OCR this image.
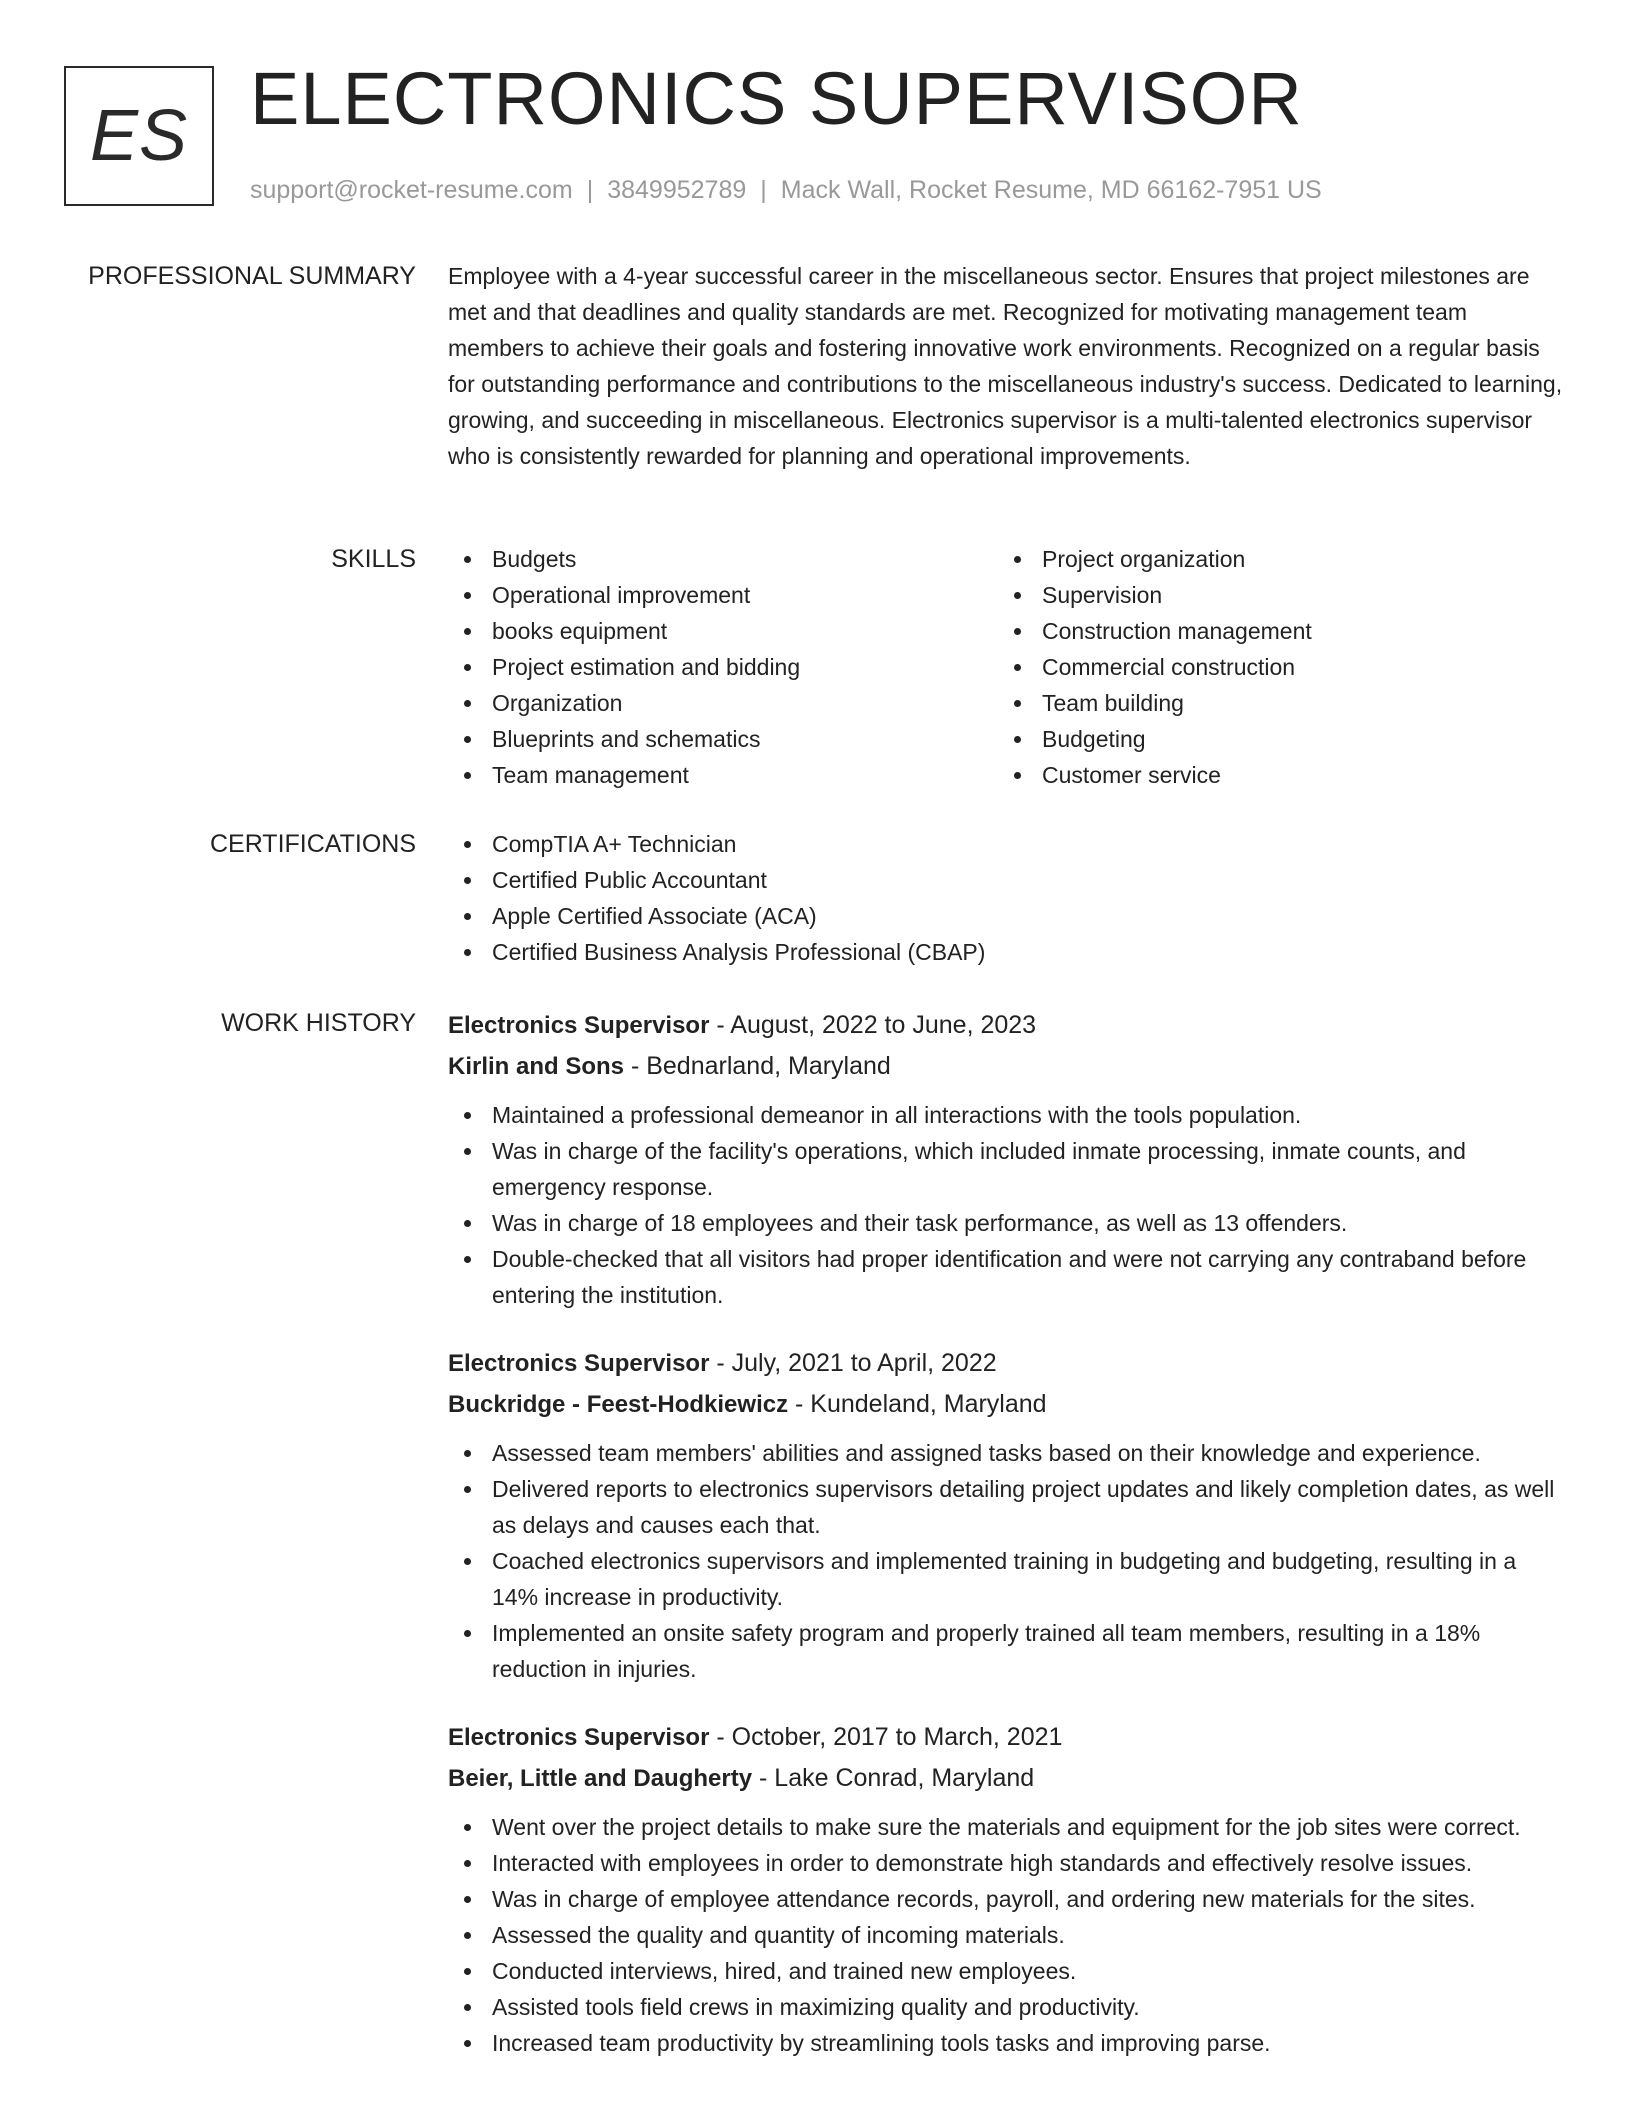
ES ELECTRONICS SUPERVISOR
support@rocket-resume.com | 3849952789 | Mack Wall, Rocket Resume, MD 66162-7951 US
PROFESSIONAL SUMMARY Employee with a 4-year successful career in the miscellaneous sector. Ensures that project milestones are met and that deadlines and quality standards are met. Recognized for motivating management team members to achieve their goals and fostering innovative work environments. Recognized on a regular basis for outstanding performance and contributions to the miscellaneous industry's success. Dedicated to learning, growing, and succeeding in miscellaneous. Electronics supervisor is a multi-talented electronics supervisor who is consistently rewarded for planning and operational improvements.

SKILLS	Budgets
Operational improvement
books equipment
Project estimation and bidding
Organization
Blueprints and schematics
Team management
Project organization
Supervision
Construction management
Commercial construction
Team building
Budgeting
Customer service
CERTIFICATIONS	CompTIA A+ Technician
Certified Public Accountant
Apple Certified Associate (ACA)
Certified Business Analysis Professional (CBAP)
WORK HISTORY Electronics Supervisor - August, 2022 to June, 2023
Kirlin and Sons - Bednarland, Maryland
Maintained a professional demeanor in all interactions with the tools population.
Was in charge of the facility's operations, which included inmate processing, inmate counts, and emergency response.
Was in charge of 18 employees and their task performance, as well as 13 offenders.
Double-checked that all visitors had proper identification and were not carrying any contraband before entering the institution.
Electronics Supervisor - July, 2021 to April, 2022
Buckridge - Feest-Hodkiewicz - Kundeland, Maryland
Assessed team members' abilities and assigned tasks based on their knowledge and experience.
Delivered reports to electronics supervisors detailing project updates and likely completion dates, as well as delays and causes each that.
Coached electronics supervisors and implemented training in budgeting and budgeting, resulting in a 14% increase in productivity.
Implemented an onsite safety program and properly trained all team members, resulting in a 18% reduction in injuries.
Electronics Supervisor - October, 2017 to March, 2021
Beier, Little and Daugherty - Lake Conrad, Maryland
Went over the project details to make sure the materials and equipment for the job sites were correct.
Interacted with employees in order to demonstrate high standards and effectively resolve issues.
Was in charge of employee attendance records, payroll, and ordering new materials for the sites.
Assessed the quality and quantity of incoming materials.
Conducted interviews, hired, and trained new employees.
Assisted tools field crews in maximizing quality and productivity.
Increased team productivity by streamlining tools tasks and improving parse.
